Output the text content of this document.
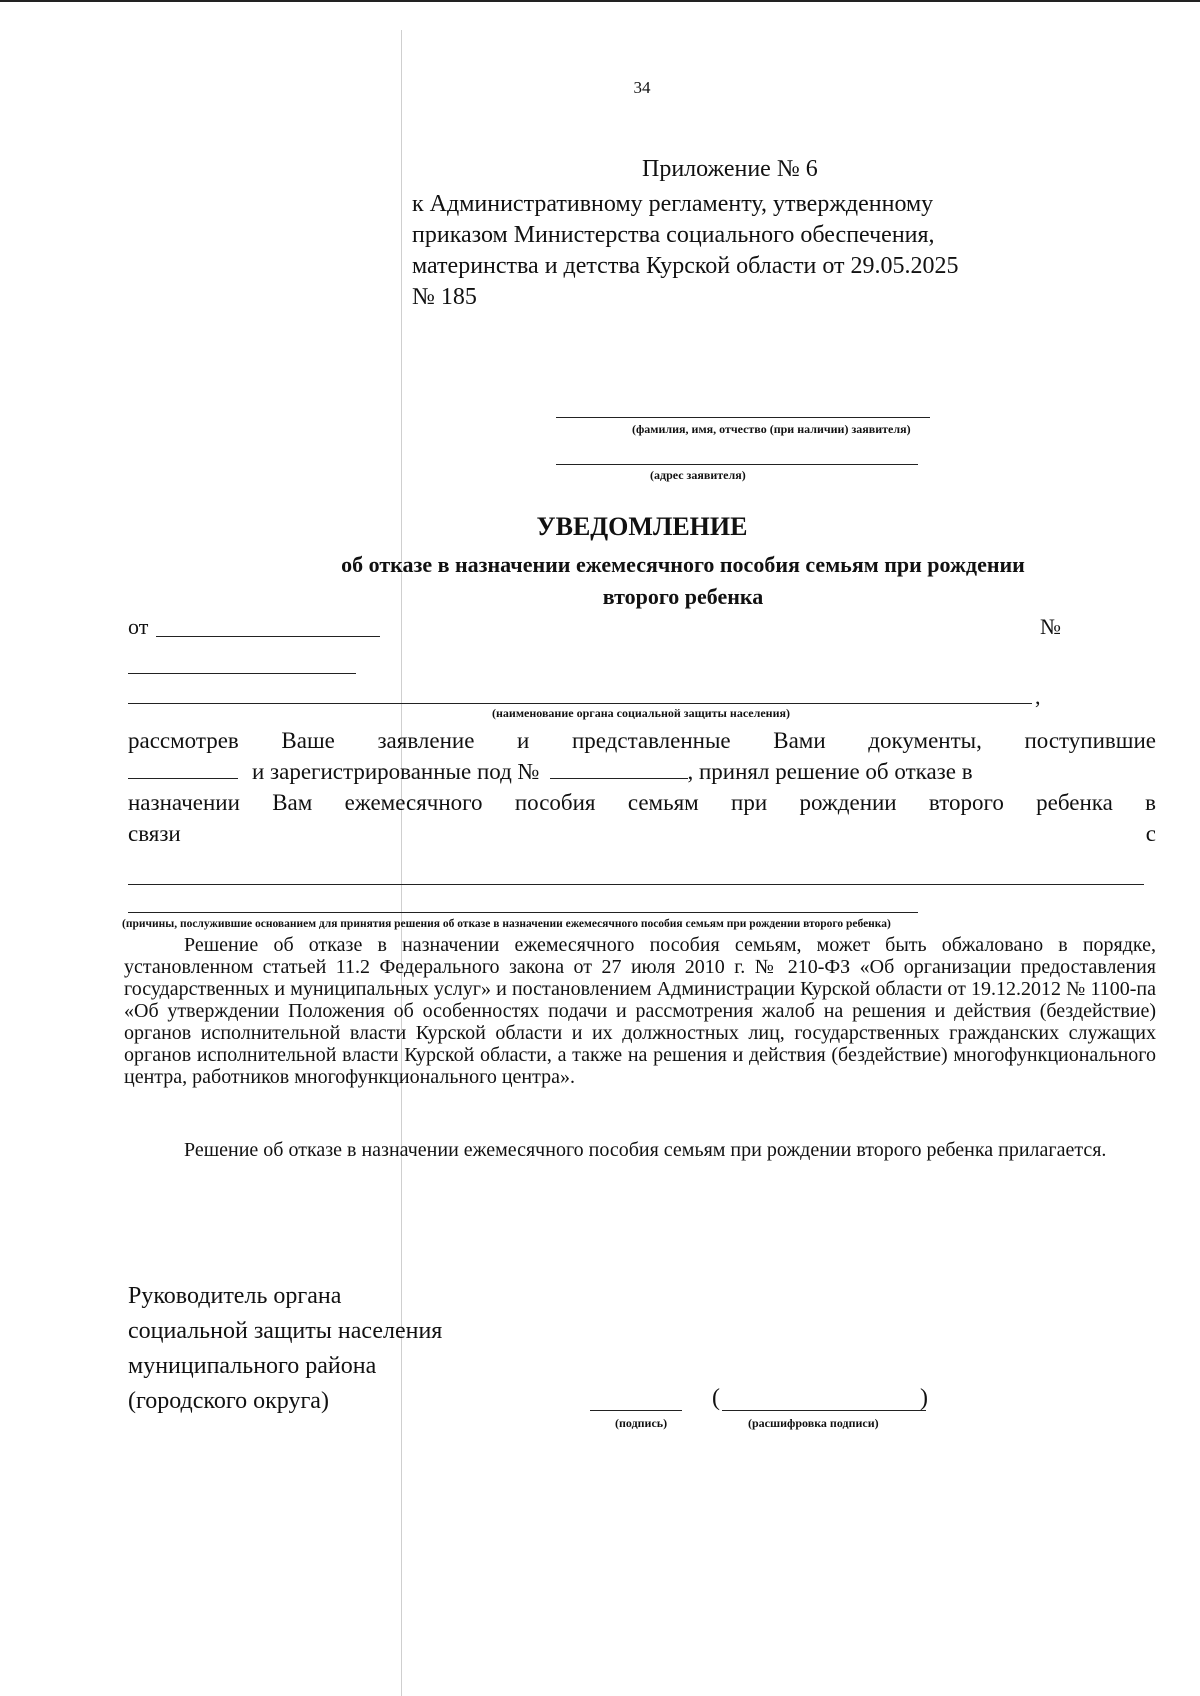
34
Приложение № 6
к Административному регламенту, утвержденному
приказом Министерства социального обеспечения,
материнства и детства Курской области от 29.05.2025
№ 185
(фамилия, имя, отчество (при наличии) заявителя)
(адрес заявителя)
УВЕДОМЛЕНИЕ
об отказе в назначении ежемесячного пособия семьям при рождении
второго ребенка
от	№
,
(наименование органа социальной защиты населения)
рассмотрев Ваше заявление и представленные Вами документы, поступившие
и зарегистрированные под №	, принял решение об отказе в
назначении Вам ежемесячного пособия семьям при рождении второго ребенка в
связи	с
(причины, послужившие основанием для принятия решения об отказе в назначении ежемесячного пособия семьям при рождении второго ребенка)
Решение об отказе в назначении ежемесячного пособия семьям, может быть обжаловано в порядке, установленном статьей 11.2 Федерального закона от 27 июля 2010 г. № 210-ФЗ «Об организации предоставления государственных и муниципальных услуг» и постановлением Администрации Курской области от 19.12.2012 № 1100-па «Об утверждении Положения об особенностях подачи и рассмотрения жалоб на решения и действия (бездействие) органов исполнительной власти Курской области и их должностных лиц, государственных гражданских служащих органов исполнительной власти Курской области, а также на решения и действия (бездействие) многофункционального центра, работников многофункционального центра».
Решение об отказе в назначении ежемесячного пособия семьям при рождении второго ребенка прилагается.
Руководитель органа
социальной защиты населения
муниципального района
(городского округа)
(подпись)
(	)
(расшифровка подписи)
